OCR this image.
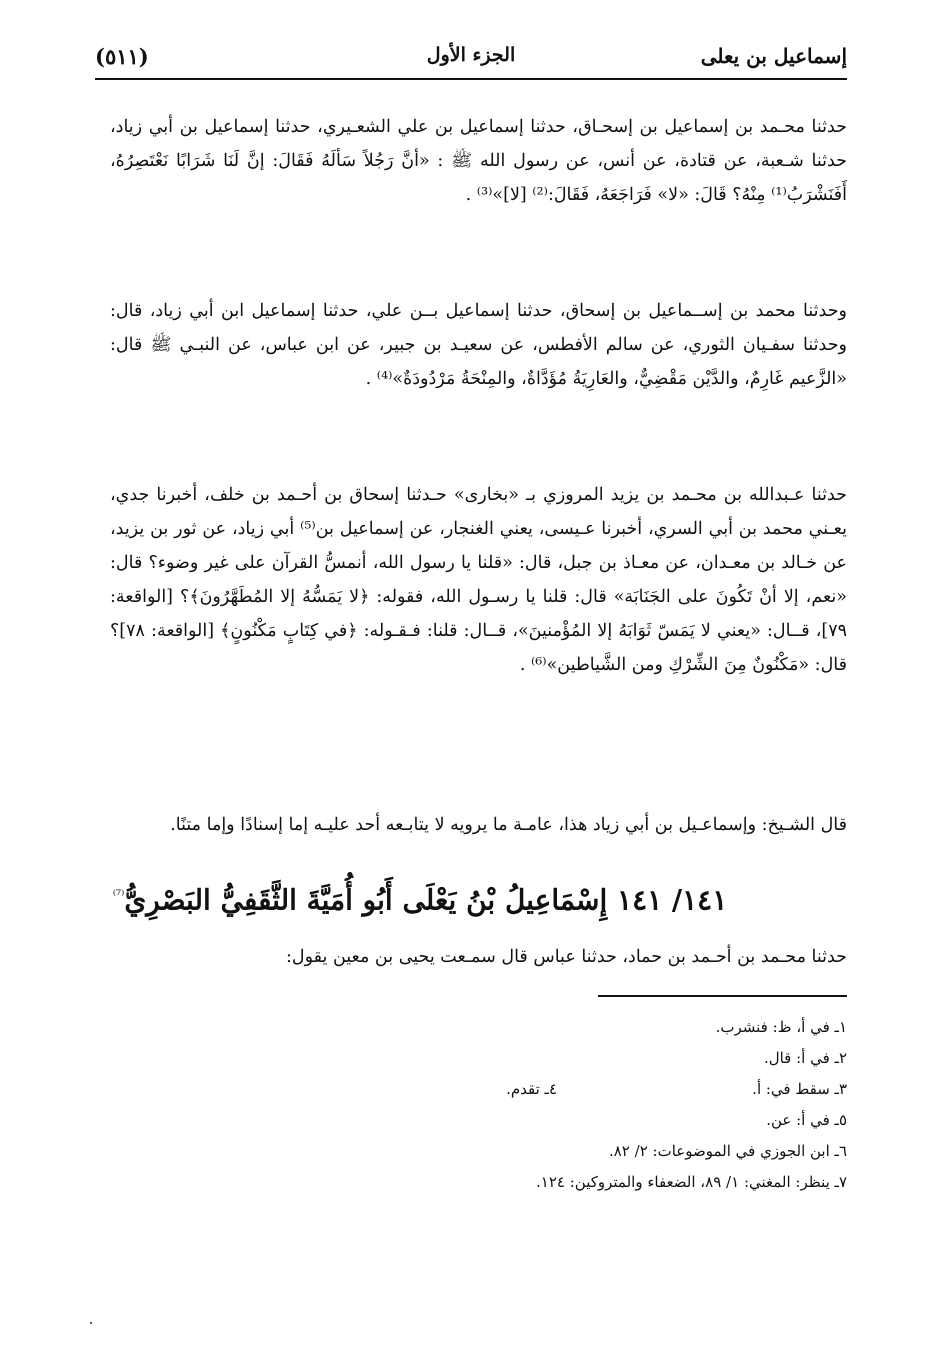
إسماعيل بن يعلى
الجزء الأول
(٥١١)
حدثنا محـمد بن إسماعيل بن إسحـاق، حدثنا إسماعيل بن علي الشعـيري، حدثنا إسماعيل بن أبي زياد، حدثنا شـعبة، عن قتادة، عن أنس، عن رسول الله ﷺ : «أنَّ رَجُلاً سَألَهُ فَقَالَ: إنَّ لَنَا شَرَابًا نَعْتَصِرُهُ، أَفَنَشْرَبُ⁽¹⁾ مِنْهُ؟ قَالَ: «لا» فَرَاجَعَهُ، فَقَالَ:⁽²⁾ [لا]»⁽³⁾ .
وحدثنا محمد بن إســماعيل بن إسحاق، حدثنا إسماعيل بــن علي، حدثنا إسماعيل ابن أبي زياد، قال: وحدثنا سفـيان الثوري، عن سالم الأفطس، عن سعيـد بن جبير، عن ابن عباس، عن النبـي ﷺ قال: «الزَّعيم غَارِمٌ، والدَّيْن مَقْضِيٌّ، والعَارِيَةُ مُؤَدَّاةٌ، والمِنْحَةُ مَرْدُودَةٌ»⁽⁴⁾ .
حدثنا عـبدالله بن محـمد بن يزيد المروزي بـ «بخارى» حـدثنا إسحاق بن أحـمد بن خلف، أخبرنا جدي، يعـني محمد بن أبي السري، أخبرنا عـيسى، يعني الغنجار، عن إسماعيل بن⁽⁵⁾ أبي زياد، عن ثور بن يزيد، عن خـالد بن معـدان، عن معـاذ بن جبل، قال: «قلنا يا رسول الله، أنمسُّ القرآن على غير وضوء؟ قال: «نعم، إلا أنْ تَكُونَ على الجَنَابَة» قال: قلنا يا رسـول الله، فقوله: ﴿لا يَمَسُّهُ إلا المُطَهَّرُونَ﴾؟ [الواقعة: ٧٩]، قــال: «يعني لا يَمَسّ ثَوَابَهُ إلا المُؤْمنينَ»، قــال: قلنا: فـقـوله: ﴿في كِتَابٍ مَكْنُونٍ﴾ [الواقعة: ٧٨]؟ قال: «مَكْنُونٌ مِنَ الشِّرْكِ ومن الشَّياطين»⁽⁶⁾ .
قال الشـيخ: وإسماعـيل بن أبي زياد هذا، عامـة ما يرويه لا يتابـعه أحد عليـه إما إسنادًا وإما متنًا.
١٤١/ ١٤١ إِسْمَاعِيلُ بْنُ يَعْلَى أَبُو أُمَيَّةَ الثَّقَفِيُّ البَصْرِيُّ$^{^{(7)}}$
حدثنا محـمد بن أحـمد بن حماد، حدثنا عباس قال سمـعت يحيى بن معين يقول:
١ـ في أ، ظ: فنشرب.
٢ـ في أ: قال.
٣ـ سقط في: أ.
٤ـ تقدم.
٥ـ في أ: عن.
٦ـ ابن الجوزي في الموضوعات: ٢/ ٨٢.
٧ـ ينظر: المغني: ١/ ٨٩، الضعفاء والمتروكين: ١٢٤.
